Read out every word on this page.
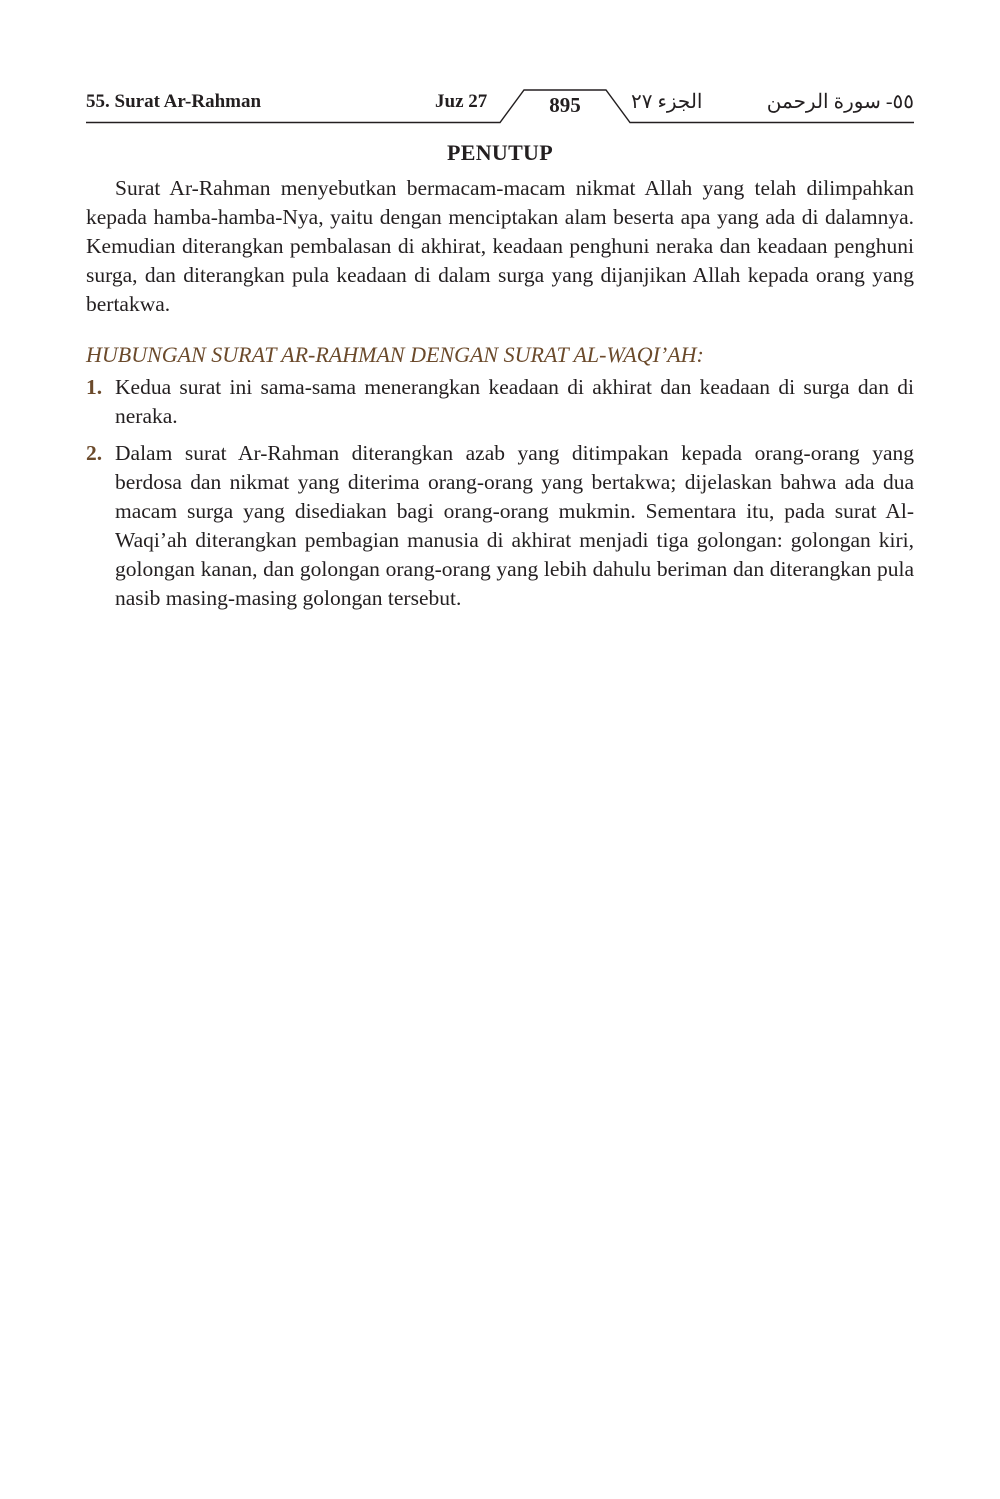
55. Surat Ar-Rahman	Juz 27	895	الجزء ٢٧	٥٥- سورة الرحمن
PENUTUP

Surat Ar-Rahman menyebutkan bermacam-macam nikmat Allah yang telah dilimpahkan kepada hamba-hamba-Nya, yaitu dengan menciptakan alam beserta apa yang ada di dalamnya. Kemudian diterangkan pembalasan di akhirat, keadaan penghuni neraka dan keadaan penghuni surga, dan diterangkan pula keadaan di dalam surga yang dijanjikan Allah kepada orang yang bertakwa.

HUBUNGAN SURAT AR-RAHMAN DENGAN SURAT AL-WAQI’AH:
1. Kedua surat ini sama-sama menerangkan keadaan di akhirat dan keadaan di surga dan di neraka.
2. Dalam surat Ar-Rahman diterangkan azab yang ditimpakan kepada orang-orang yang berdosa dan nikmat yang diterima orang-orang yang bertakwa; dijelaskan bahwa ada dua macam surga yang disediakan bagi orang-orang mukmin. Sementara itu, pada surat Al-Waqi’ah diterangkan pembagian manusia di akhirat menjadi tiga golongan: golongan kiri, golongan kanan, dan golongan orang-orang yang lebih dahulu beriman dan diterangkan pula nasib masing-masing golongan tersebut.
